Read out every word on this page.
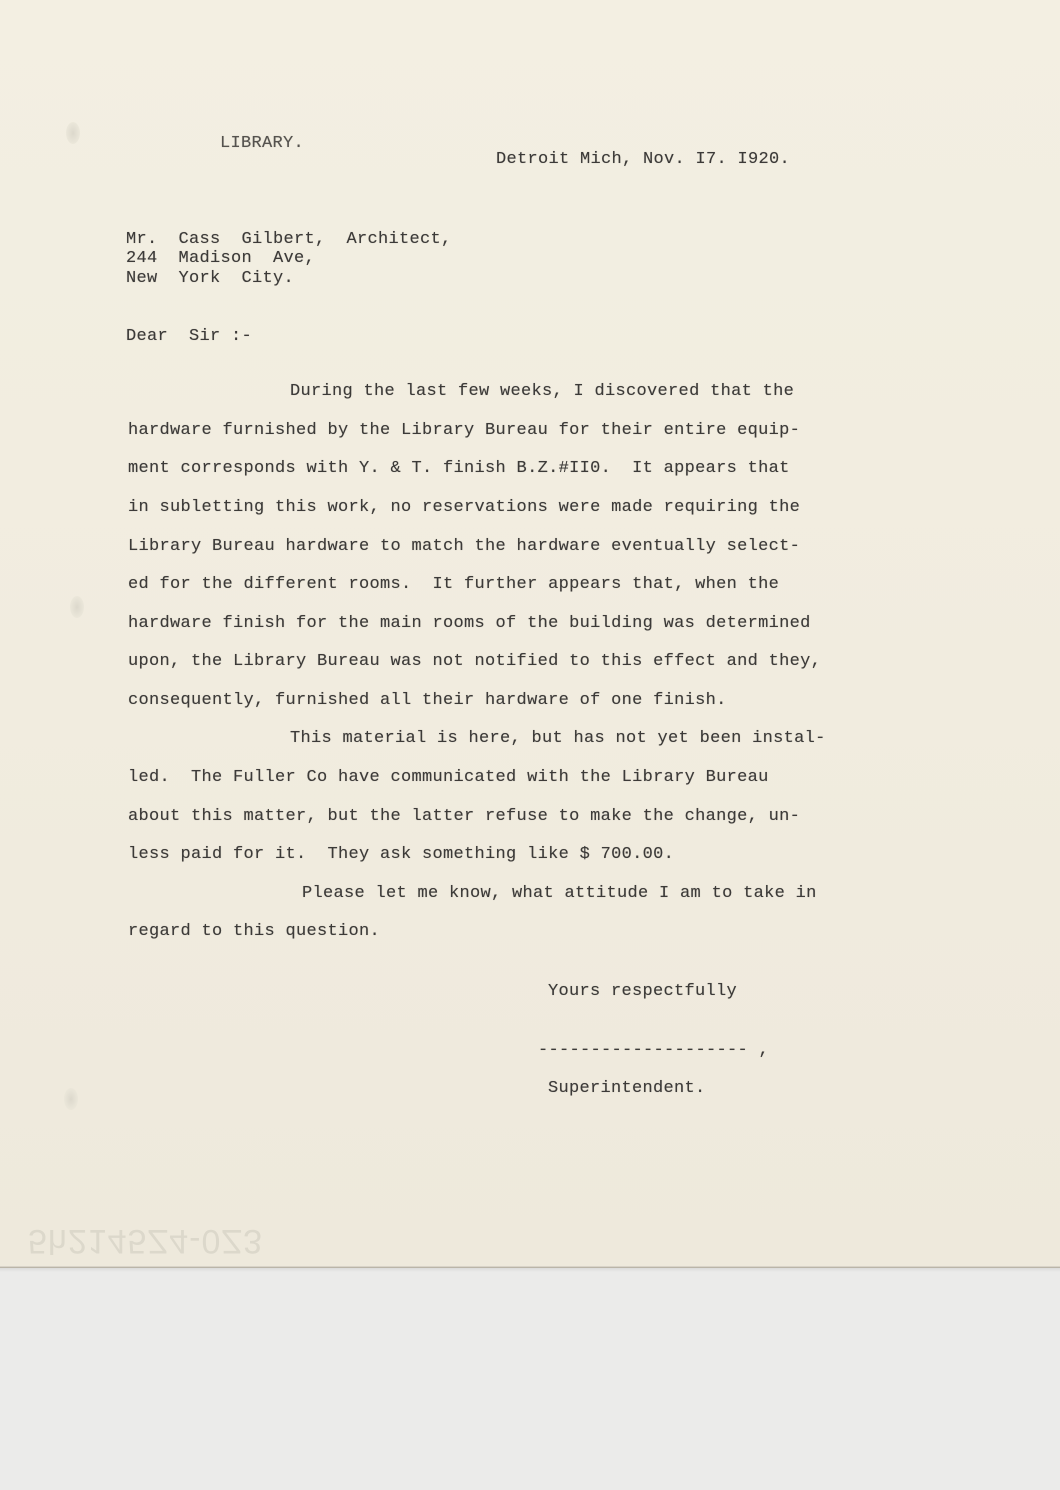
LIBRARY.
Detroit Mich, Nov. I7. I920.
Mr.  Cass  Gilbert,  Architect,
244  Madison  Ave,
New  York  City.
Dear  Sir :-
During the last few weeks, I discovered that the
hardware furnished by the Library Bureau for their entire equip-
ment corresponds with Y. & T. finish B.Z.#II0.  It appears that
in subletting this work, no reservations were made requiring the
Library Bureau hardware to match the hardware eventually select-
ed for the different rooms.  It further appears that, when the
hardware finish for the main rooms of the building was determined
upon, the Library Bureau was not notified to this effect and they,
consequently, furnished all their hardware of one finish.
This material is here, but has not yet been instal-
led.  The Fuller Co have communicated with the Library Bureau
about this matter, but the latter refuse to make the change, un-
less paid for it.  They ask something like $ 700.00.
Please let me know, what attitude I am to take in
regard to this question.
Yours respectfully
-------------------- ,
Superintendent.
5h2145Z4-0Z3
